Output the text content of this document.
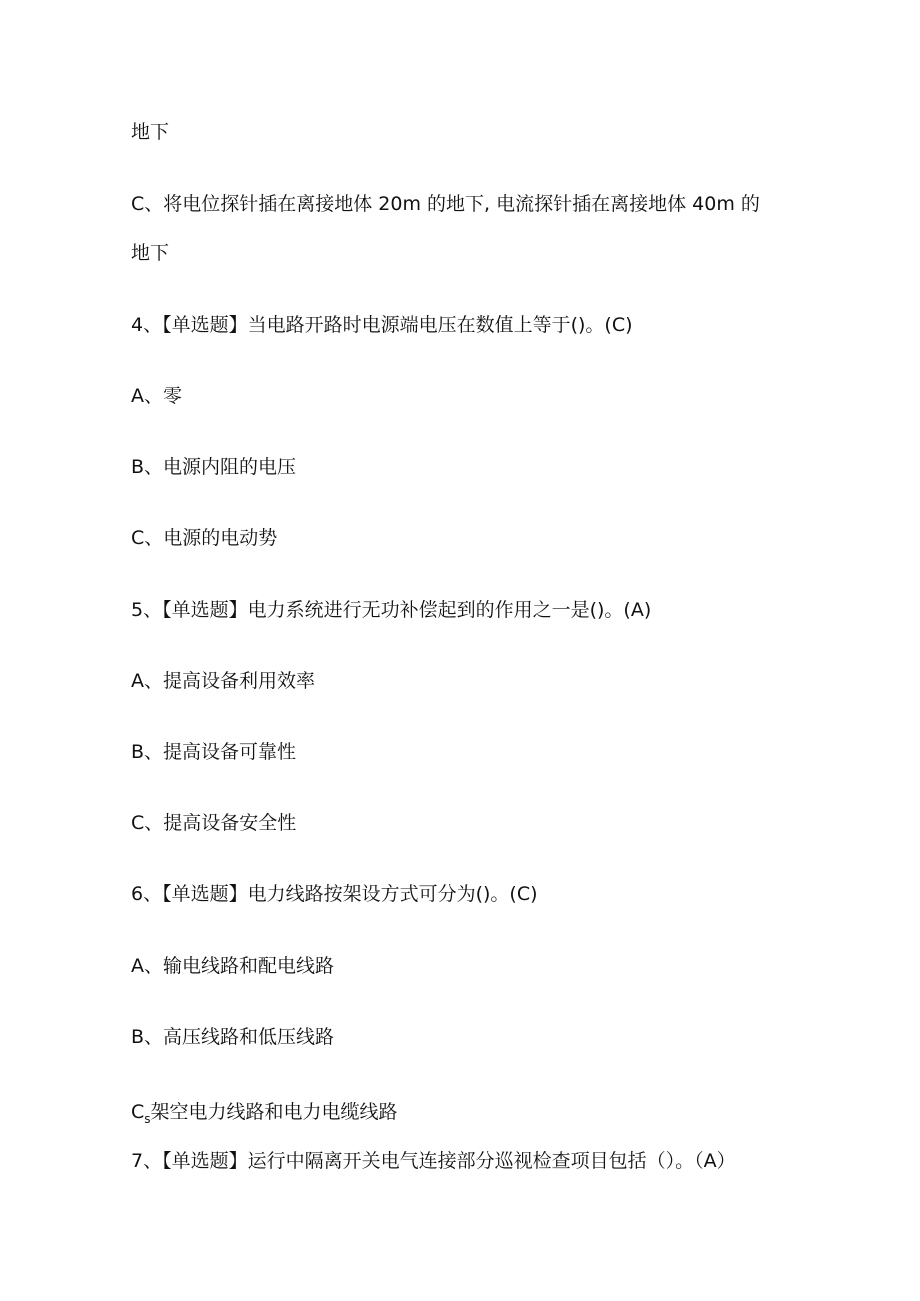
地下
C、将电位探针插在离接地体 20m 的地下, 电流探针插在离接地体 40m 的
地下
4、【单选题】当电路开路时电源端电压在数值上等于()。(C)
A、零
B、电源内阻的电压
C、电源的电动势
5、【单选题】电力系统进行无功补偿起到的作用之一是()。(A)
A、提高设备利用效率
B、提高设备可靠性
C、提高设备安全性
6、【单选题】电力线路按架设方式可分为()。(C)
A、输电线路和配电线路
B、高压线路和低压线路
$C_s$架空电力线路和电力电缆线路
7、【单选题】运行中隔离开关电气连接部分巡视检查项目包括（）。（A）
